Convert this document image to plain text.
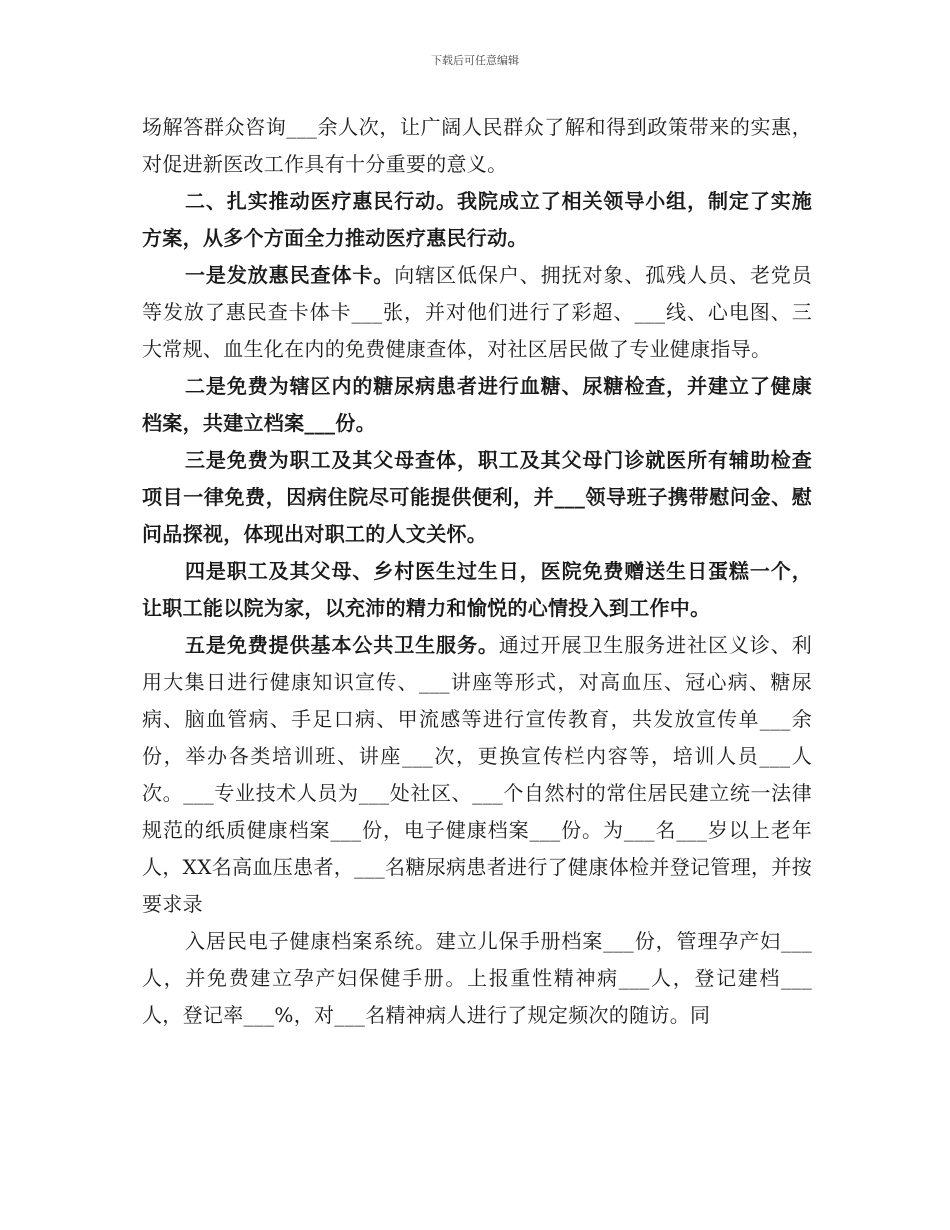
下载后可任意编辑

场解答群众咨询___余人次，让广阔人民群众了解和得到政策带来的实惠，对促进新医改工作具有十分重要的意义。

二、扎实推动医疗惠民行动。我院成立了相关领导小组，制定了实施方案，从多个方面全力推动医疗惠民行动。

一是发放惠民查体卡。向辖区低保户、拥抚对象、孤残人员、老党员等发放了惠民查卡体卡___张，并对他们进行了彩超、___线、心电图、三大常规、血生化在内的免费健康查体，对社区居民做了专业健康指导。

二是免费为辖区内的糖尿病患者进行血糖、尿糖检查，并建立了健康档案，共建立档案___份。

三是免费为职工及其父母查体，职工及其父母门诊就医所有辅助检查项目一律免费，因病住院尽可能提供便利，并___领导班子携带慰问金、慰问品探视，体现出对职工的人文关怀。

四是职工及其父母、乡村医生过生日，医院免费赠送生日蛋糕一个，让职工能以院为家，以充沛的精力和愉悦的心情投入到工作中。

五是免费提供基本公共卫生服务。通过开展卫生服务进社区义诊、利用大集日进行健康知识宣传、___讲座等形式，对高血压、冠心病、糖尿病、脑血管病、手足口病、甲流感等进行宣传教育，共发放宣传单___余份，举办各类培训班、讲座___次，更换宣传栏内容等，培训人员___人次。___专业技术人员为___处社区、___个自然村的常住居民建立统一法律规范的纸质健康档案___份，电子健康档案___份。为___名___岁以上老年人，XX名高血压患者，___名糖尿病患者进行了健康体检并登记管理，并按要求录

入居民电子健康档案系统。建立儿保手册档案___份，管理孕产妇___人，并免费建立孕产妇保健手册。上报重性精神病___人，登记建档___人，登记率___%，对___名精神病人进行了规定频次的随访。同
